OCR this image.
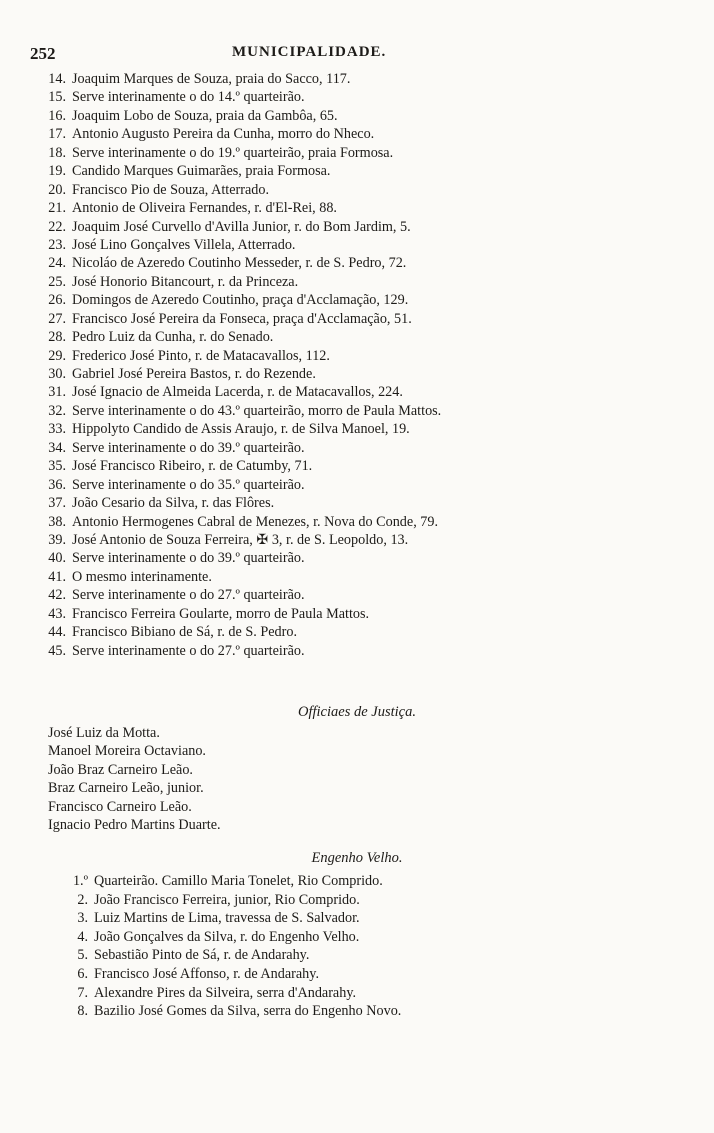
252	MUNICIPALIDADE.
14. Joaquim Marques de Souza, praia do Sacco, 117.
15. Serve interinamente o do 14.º quarteirão.
16. Joaquim Lobo de Souza, praia da Gambôa, 65.
17. Antonio Augusto Pereira da Cunha, morro do Nheco.
18. Serve interinamente o do 19.º quarteirão, praia Formosa.
19. Candido Marques Guimarães, praia Formosa.
20. Francisco Pio de Souza, Atterrado.
21. Antonio de Oliveira Fernandes, r. d'El-Rei, 88.
22. Joaquim José Curvello d'Avilla Junior, r. do Bom Jardim, 5.
23. José Lino Gonçalves Villela, Atterrado.
24. Nicoláo de Azeredo Coutinho Messeder, r. de S. Pedro, 72.
25. José Honorio Bitancourt, r. da Princeza.
26. Domingos de Azeredo Coutinho, praça d'Acclamação, 129.
27. Francisco José Pereira da Fonseca, praça d'Acclamação, 51.
28. Pedro Luiz da Cunha, r. do Senado.
29. Frederico José Pinto, r. de Matacavallos, 112.
30. Gabriel José Pereira Bastos, r. do Rezende.
31. José Ignacio de Almeida Lacerda, r. de Matacavallos, 224.
32. Serve interinamente o do 43.º quarteirão, morro de Paula Mattos.
33. Hippolyto Candido de Assis Araujo, r. de Silva Manoel, 19.
34. Serve interinamente o do 39.º quarteirão.
35. José Francisco Ribeiro, r. de Catumby, 71.
36. Serve interinamente o do 35.º quarteirão.
37. João Cesario da Silva, r. das Flôres.
38. Antonio Hermogenes Cabral de Menezes, r. Nova do Conde, 79.
39. José Antonio de Souza Ferreira, ✠ 3, r. de S. Leopoldo, 13.
40. Serve interinamente o do 39.º quarteirão.
41. O mesmo interinamente.
42. Serve interinamente o do 27.º quarteirão.
43. Francisco Ferreira Goularte, morro de Paula Mattos.
44. Francisco Bibiano de Sá, r. de S. Pedro.
45. Serve interinamente o do 27.º quarteirão.
Officiaes de Justiça.
José Luiz da Motta.
Manoel Moreira Octaviano.
João Braz Carneiro Leão.
Braz Carneiro Leão, junior.
Francisco Carneiro Leão.
Ignacio Pedro Martins Duarte.
Engenho Velho.
1.º Quarteirão. Camillo Maria Tonelet, Rio Comprido.
2. João Francisco Ferreira, junior, Rio Comprido.
3. Luiz Martins de Lima, travessa de S. Salvador.
4. João Gonçalves da Silva, r. do Engenho Velho.
5. Sebastião Pinto de Sá, r. de Andarahy.
6. Francisco José Affonso, r. de Andarahy.
7. Alexandre Pires da Silveira, serra d'Andarahy.
8. Bazilio José Gomes da Silva, serra do Engenho Novo.
